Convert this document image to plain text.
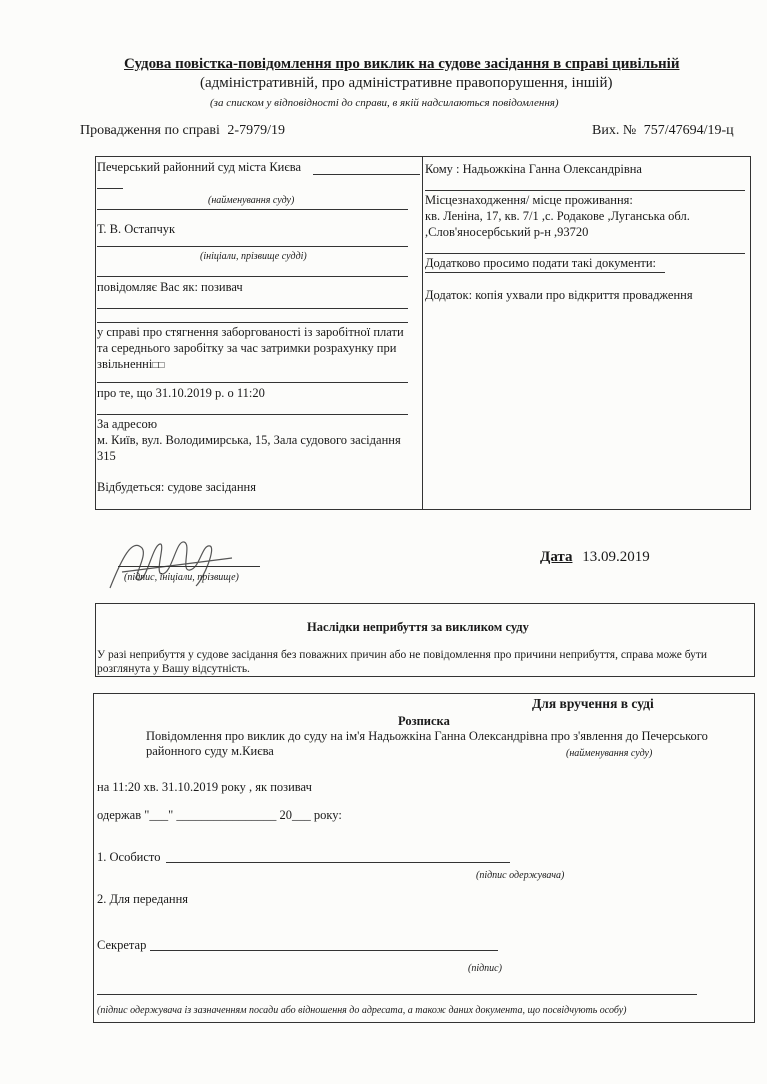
Судова повістка-повідомлення про виклик на судове засідання в справі цивільній
(адміністративній, про адміністративне правопорушення, іншій)
(за списком у відповідності до справи, в якій надсилаються повідомлення)
Провадження по справі 2-7979/19	Вих. № 757/47694/19-ц
Печерський районний суд міста Києва
(найменування суду)
Т. В. Остапчук
(ініціали, прізвище судді)
повідомляє Вас як: позивач
у справі про стягнення заборгованості із заробітної плати
та середнього заробітку за час затримки розрахунку при
звільненні□□
про те, що 31.10.2019 р. о 11:20
За адресою
м. Київ, вул. Володимирська, 15, Зала судового засідання
315
Відбудеться: судове засідання
Кому : Надьожкіна Ганна Олександрівна
Місцезнаходження/ місце проживання:
кв. Леніна, 17, кв. 7/1 ,с. Родакове ,Луганська обл.
,Слов'яносербський р-н ,93720
Додатково просимо подати такі документи:
Додаток: копія ухвали про відкриття провадження
(підпис, ініціали, прізвище)
Дата 13.09.2019
Наслідки неприбуття за викликом суду
У разі неприбуття у судове засідання без поважних причин або не повідомлення про причини неприбуття, справа може бути
розглянута у Вашу відсутність.
Для вручення в суді
Розписка
Повідомлення про виклик до суду на ім'я Надьожкіна Ганна Олександрівна про з'явлення до Печерського
районного суду м.Києва	(найменування суду)
на 11:20 хв. 31.10.2019 року , як позивач
одержав "___" ________________ 20___ року:
1. Особисто
(підпис одержувача)
2. Для передання
Секретар
(підпис)
(підпис одержувача із зазначенням посади або відношення до адресата, а також даних документа, що посвідчують особу)
